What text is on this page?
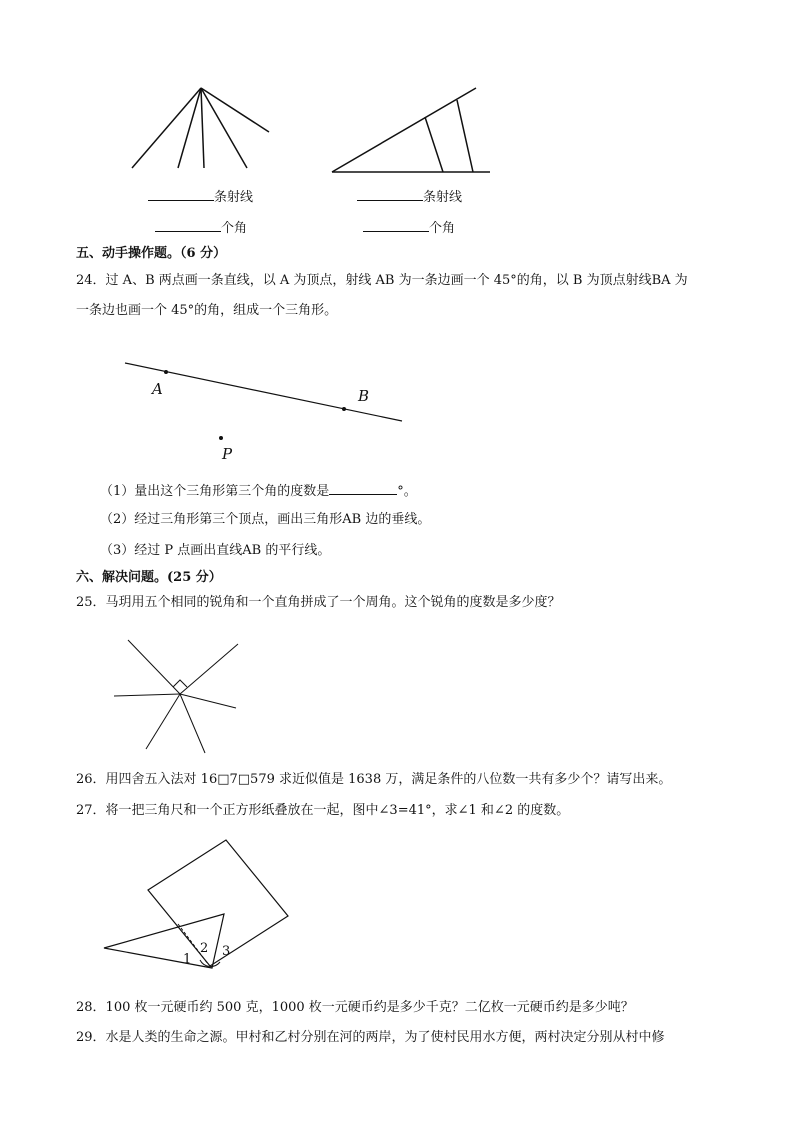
条射线	条射线
个角	个角
五、动手操作题。（6 分）
24．过 A、B 两点画一条直线，以 A 为顶点，射线 AB 为一条边画一个 45°的角，以 B 为顶点射线BA 为
一条边也画一个 45°的角，组成一个三角形。
A	B
P
（1）量出这个三角形第三个角的度数是	°。
（2）经过三角形第三个顶点，画出三角形AB 边的垂线。
（3）经过 P 点画出直线AB 的平行线。
六、解决问题。(25 分）
25．马玥用五个相同的锐角和一个直角拼成了一个周角。这个锐角的度数是多少度？
26．用四舍五入法对 16□7□579 求近似值是 1638 万，满足条件的八位数一共有多少个？请写出来。
27．将一把三角尺和一个正方形纸叠放在一起，图中∠3=41°，求∠1 和∠2 的度数。
1
2 3
28．100 枚一元硬币约 500 克，1000 枚一元硬币约是多少千克？二亿枚一元硬币约是多少吨？
29．水是人类的生命之源。甲村和乙村分别在河的两岸，为了使村民用水方便，两村决定分别从村中修
